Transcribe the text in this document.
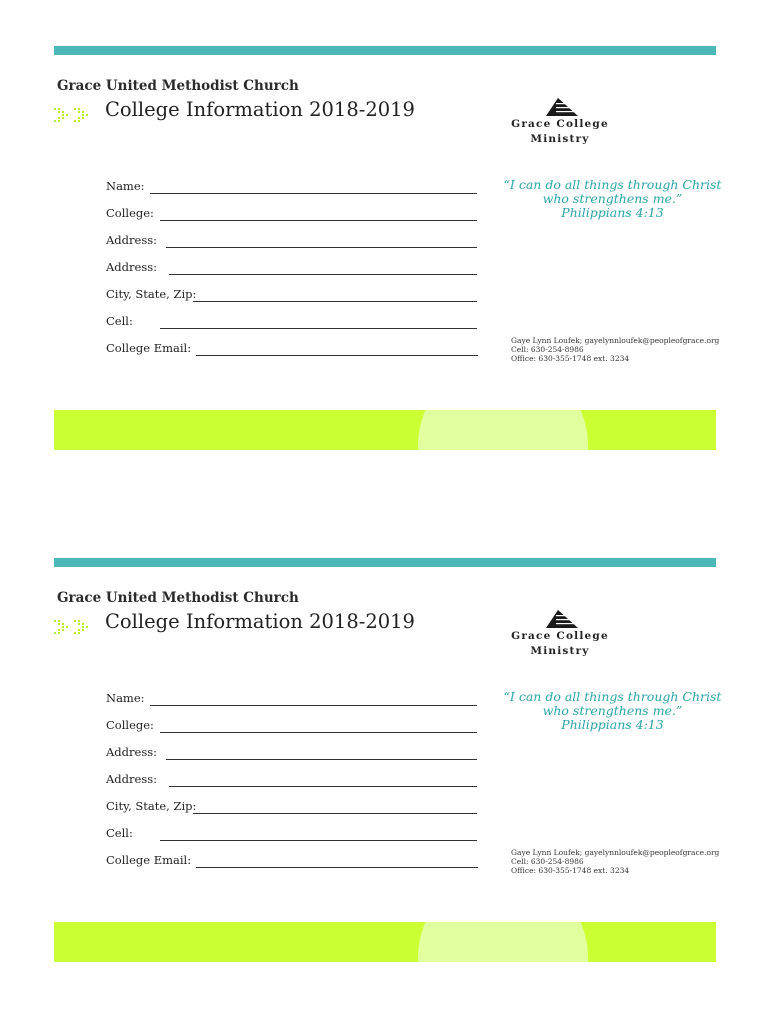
Grace United Methodist Church
College Information 2018-2019
Grace College
Ministry
Name:
College:
Address:
Address:
City, State, Zip:
Cell:
College Email:
“I can do all things through Christ
who strengthens me.”
Philippians 4:13
Gaye Lynn Loufek; gayelynnloufek@peopleofgrace.org
Cell: 630-254-8986
Office: 630-355-1748 ext. 3234
Grace United Methodist Church
College Information 2018-2019
Grace College
Ministry
Name:
College:
Address:
Address:
City, State, Zip:
Cell:
College Email:
“I can do all things through Christ
who strengthens me.”
Philippians 4:13
Gaye Lynn Loufek; gayelynnloufek@peopleofgrace.org
Cell: 630-254-8986
Office: 630-355-1748 ext. 3234
